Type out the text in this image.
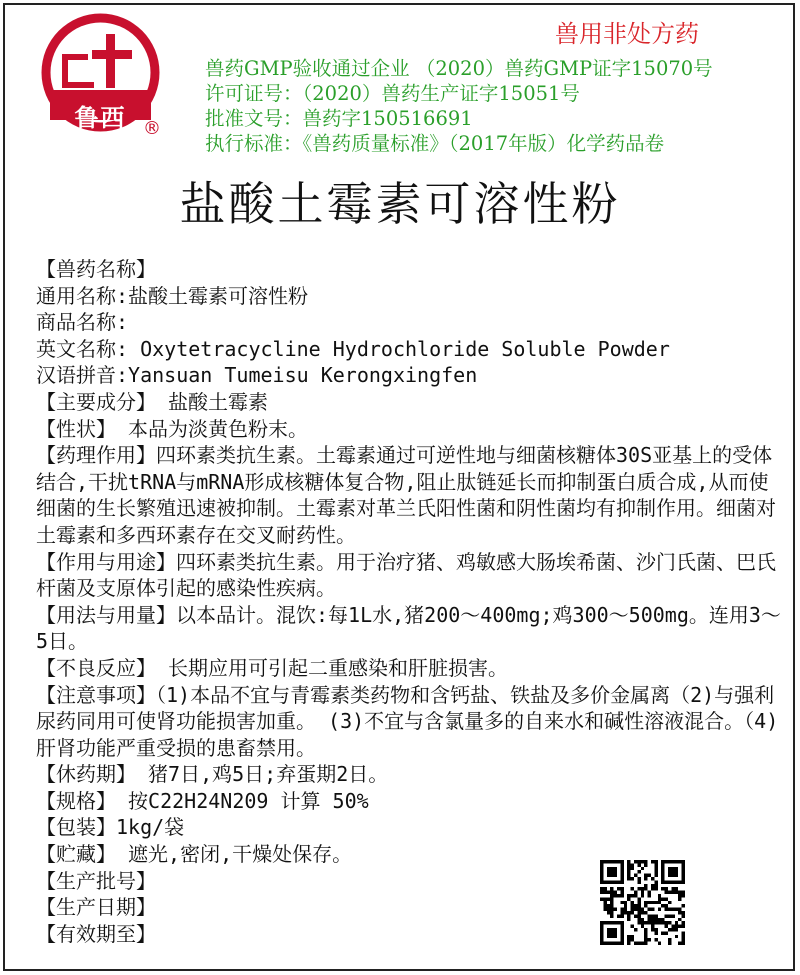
鲁西 ®
兽用非处方药
兽药GMP验收通过企业 （2020）兽药GMP证字15070号
许可证号：（2020）兽药生产证字15051号
批准文号：兽药字150516691
执行标准：《兽药质量标准》（2017年版）化学药品卷
盐酸土霉素可溶性粉
【兽药名称】
通用名称:盐酸土霉素可溶性粉
商品名称:
英文名称: Oxytetracycline Hydrochloride Soluble Powder
汉语拼音:Yansuan Tumeisu Kerongxingfen
【主要成分】 盐酸土霉素
【性状】 本品为淡黄色粉末。
【药理作用】四环素类抗生素。土霉素通过可逆性地与细菌核糖体30S亚基上的受体结合,干扰tRNA与mRNA形成核糖体复合物,阻止肽链延长而抑制蛋白质合成,从而使细菌的生长繁殖迅速被抑制。土霉素对革兰氏阳性菌和阴性菌均有抑制作用。细菌对土霉素和多西环素存在交叉耐药性。
【作用与用途】四环素类抗生素。用于治疗猪、鸡敏感大肠埃希菌、沙门氏菌、巴氏杆菌及支原体引起的感染性疾病。
【用法与用量】以本品计。混饮:每1L水,猪200～400mg;鸡300～500mg。连用3～5日。
【不良反应】 长期应用可引起二重感染和肝脏损害。
【注意事项】（1)本品不宜与青霉素类药物和含钙盐、铁盐及多价金属离（2)与强利尿药同用可使肾功能损害加重。 (3)不宜与含氯量多的自来水和碱性溶液混合。（4)肝肾功能严重受损的患畜禁用。
【休药期】 猪7日,鸡5日;弃蛋期2日。
【规格】 按C22H24N209 计算 50%
【包装】1kg/袋
【贮藏】 遮光,密闭,干燥处保存。
【生产批号】
【生产日期】
【有效期至】
